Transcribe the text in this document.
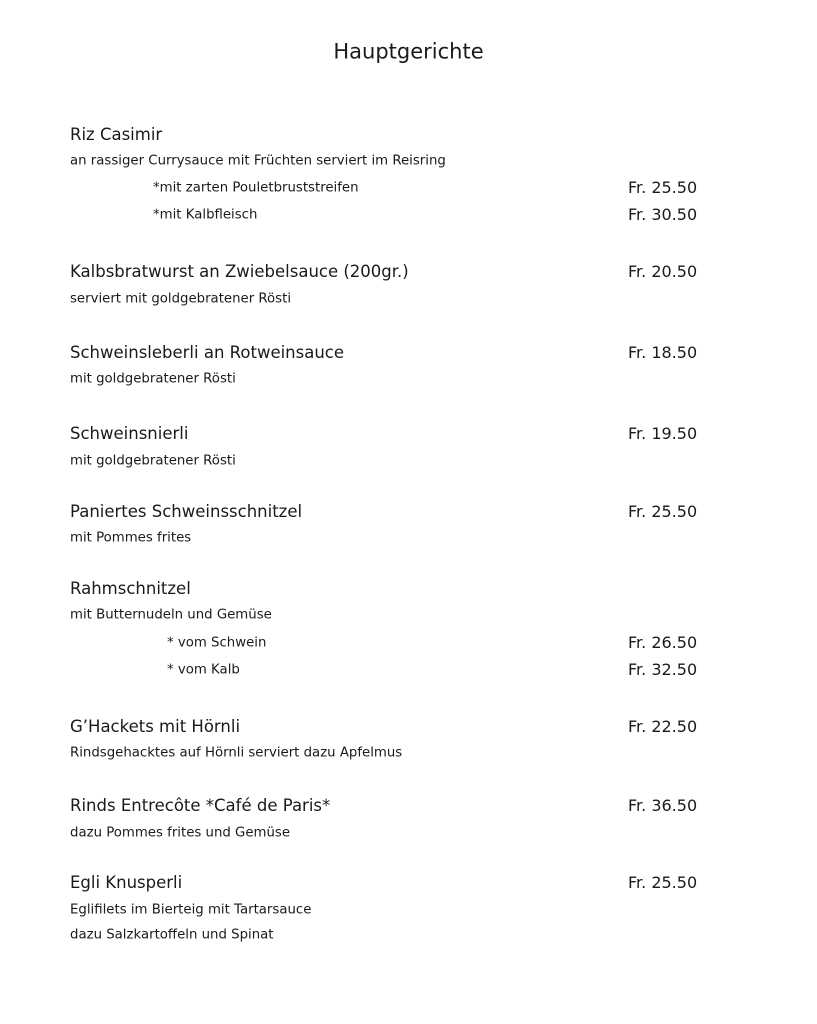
Hauptgerichte
Riz Casimir
an rassiger Currysauce mit Früchten serviert im Reisring
*mit zarten Pouletbruststreifen	Fr. 25.50
*mit Kalbfleisch	Fr. 30.50
Kalbsbratwurst an Zwiebelsauce (200gr.)	Fr. 20.50
serviert mit goldgebratener Rösti
Schweinsleberli an Rotweinsauce	Fr. 18.50
mit goldgebratener Rösti
Schweinsnierli	Fr. 19.50
mit goldgebratener Rösti
Paniertes Schweinsschnitzel	Fr. 25.50
mit Pommes frites
Rahmschnitzel
mit Butternudeln und Gemüse
* vom Schwein	Fr. 26.50
* vom Kalb	Fr. 32.50
G’Hackets mit Hörnli	Fr. 22.50
Rindsgehacktes auf Hörnli serviert dazu Apfelmus
Rinds Entrecôte *Café de Paris*	Fr. 36.50
dazu Pommes frites und Gemüse
Egli Knusperli	Fr. 25.50
Eglifilets im Bierteig mit Tartarsauce
dazu Salzkartoffeln und Spinat
